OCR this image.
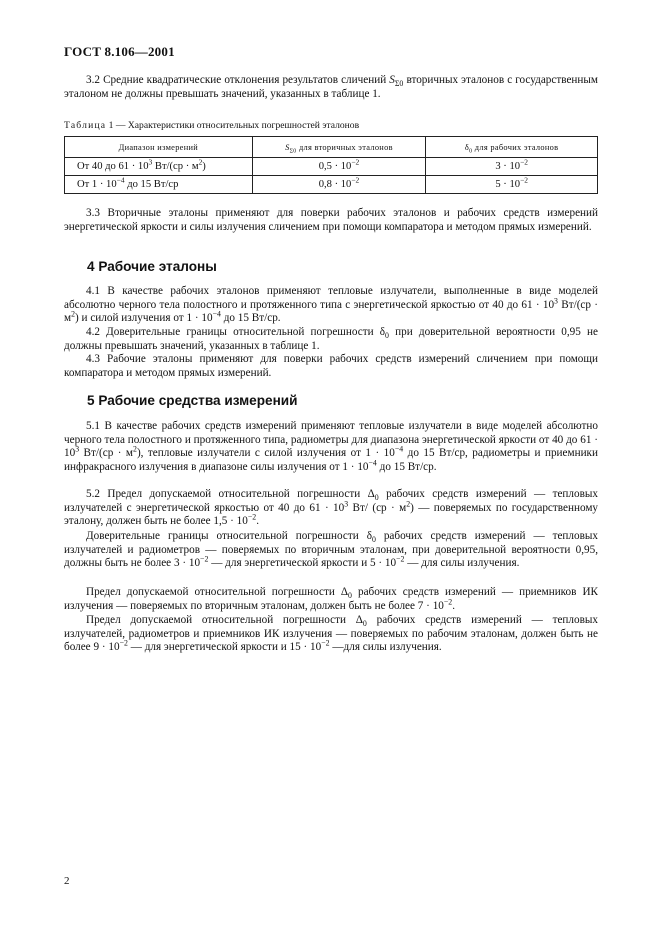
ГОСТ 8.106—2001

3.2 Средние квадратические отклонения результатов сличений $S_{\Sigma 0}$ вторичных эталонов с государственным эталоном не должны превышать значений, указанных в таблице 1.

Таблица 1 — Характеристики относительных погрешностей эталонов
Диапазон измерений	$S_{\Sigma 0}$ для вторичных эталонов	$\delta_0$ для рабочих эталонов
От 40 до $61 \cdot 10^3$ $Вт/(ср \cdot м^2)$	$0,5 \cdot 10^{-2}$	$3 \cdot 10^{-2}$
От $1 \cdot 10^{-4}$ до 15 Вт/ср	$0,8 \cdot 10^{-2}$	$5 \cdot 10^{-2}$

3.3 Вторичные эталоны применяют для поверки рабочих эталонов и рабочих средств измерений энергетической яркости и силы излучения сличением при помощи компаратора и методом прямых измерений.

4 Рабочие эталоны

4.1 В качестве рабочих эталонов применяют тепловые излучатели, выполненные в виде моделей абсолютно черного тела полостного и протяженного типа с энергетической яркостью от 40 до $61 \cdot 10^3$ $Вт/(ср \cdot м^2)$ и силой излучения от $1 \cdot 10^{-4}$ до 15 Вт/ср.

4.2 Доверительные границы относительной погрешности $\delta_0$ при доверительной вероятности 0,95 не должны превышать значений, указанных в таблице 1.

4.3 Рабочие эталоны применяют для поверки рабочих средств измерений сличением при помощи компаратора и методом прямых измерений.

5 Рабочие средства измерений

5.1 В качестве рабочих средств измерений применяют тепловые излучатели в виде моделей абсолютно черного тела полостного и протяженного типа, радиометры для диапазона энергетической яркости от 40 до $61 \cdot 10^3$ $Вт/(ср \cdot м^2)$, тепловые излучатели с силой излучения от $1 \cdot 10^{-4}$ до 15 Вт/ср, радиометры и приемники инфракрасного излучения в диапазоне силы излучения от $1 \cdot 10^{-4}$ до 15 Вт/ср.

5.2 Предел допускаемой относительной погрешности $\Delta_0$ рабочих средств измерений — тепловых излучателей с энергетической яркостью от 40 до $61 \cdot 10^3$ Вт/ $(ср \cdot м^2)$ — поверяемых по государственному эталону, должен быть не более $1,5 \cdot 10^{-2}$.

Доверительные границы относительной погрешности $\delta_0$ рабочих средств измерений — тепловых излучателей и радиометров — поверяемых по вторичным эталонам, при доверительной вероятности 0,95, должны быть не более $3 \cdot 10^{-2}$ — для энергетической яркости и $5 \cdot 10^{-2}$ — для силы излучения.

Предел допускаемой относительной погрешности $\Delta_0$ рабочих средств измерений — приемников ИК излучения — поверяемых по вторичным эталонам, должен быть не более $7 \cdot 10^{-2}$.

Предел допускаемой относительной погрешности $\Delta_0$ рабочих средств измерений — тепловых излучателей, радиометров и приемников ИК излучения — поверяемых по рабочим эталонам, должен быть не более $9 \cdot 10^{-2}$ — для энергетической яркости и $15 \cdot 10^{-2}$ —для силы излучения.

2
